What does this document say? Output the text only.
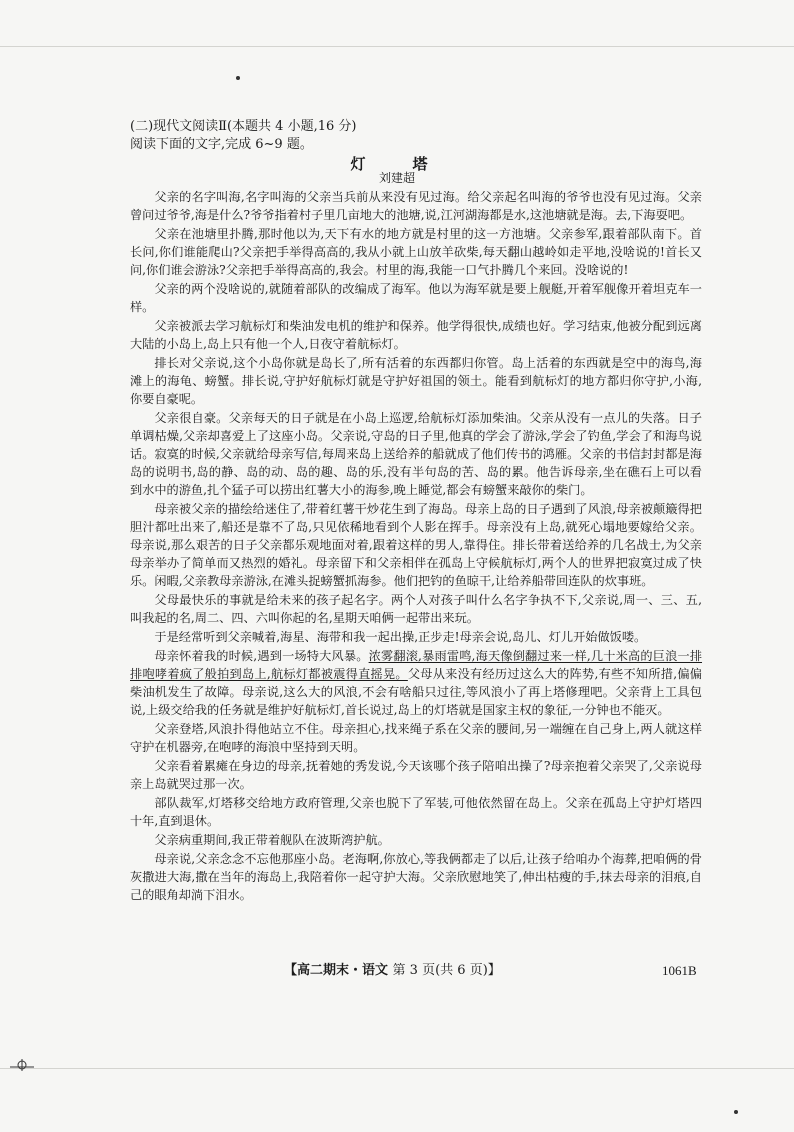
(二)现代文阅读Ⅱ(本题共 4 小题,16 分)
阅读下面的文字,完成 6~9 题。
灯　塔
刘建超

父亲的名字叫海,名字叫海的父亲当兵前从来没有见过海。给父亲起名叫海的爷爷也没有见过海。父亲曾问过爷爷,海是什么?爷爷指着村子里几亩地大的池塘,说,江河湖海都是水,这池塘就是海。去,下海耍吧。

父亲在池塘里扑腾,那时他以为,天下有水的地方就是村里的这一方池塘。父亲参军,跟着部队南下。首长问,你们谁能爬山?父亲把手举得高高的,我从小就上山放羊砍柴,每天翻山越岭如走平地,没啥说的!首长又问,你们谁会游泳?父亲把手举得高高的,我会。村里的海,我能一口气扑腾几个来回。没啥说的!

父亲的两个没啥说的,就随着部队的改编成了海军。他以为海军就是要上舰艇,开着军舰像开着坦克车一样。

父亲被派去学习航标灯和柴油发电机的维护和保养。他学得很快,成绩也好。学习结束,他被分配到远离大陆的小岛上,岛上只有他一个人,日夜守着航标灯。

排长对父亲说,这个小岛你就是岛长了,所有活着的东西都归你管。岛上活着的东西就是空中的海鸟,海滩上的海龟、螃蟹。排长说,守护好航标灯就是守护好祖国的领土。能看到航标灯的地方都归你守护,小海,你要自豪呢。

父亲很自豪。父亲每天的日子就是在小岛上巡逻,给航标灯添加柴油。父亲从没有一点儿的失落。日子单调枯燥,父亲却喜爱上了这座小岛。父亲说,守岛的日子里,他真的学会了游泳,学会了钓鱼,学会了和海鸟说话。寂寞的时候,父亲就给母亲写信,每周来岛上送给养的船就成了他们传书的鸿雁。父亲的书信封封都是海岛的说明书,岛的静、岛的动、岛的趣、岛的乐,没有半句岛的苦、岛的累。他告诉母亲,坐在礁石上可以看到水中的游鱼,扎个猛子可以捞出红薯大小的海参,晚上睡觉,都会有螃蟹来敲你的柴门。

母亲被父亲的描绘给迷住了,带着红薯干炒花生到了海岛。母亲上岛的日子遇到了风浪,母亲被颠簸得把胆汁都吐出来了,船还是靠不了岛,只见依稀地看到个人影在挥手。母亲没有上岛,就死心塌地要嫁给父亲。母亲说,那么艰苦的日子父亲都乐观地面对着,跟着这样的男人,靠得住。排长带着送给养的几名战士,为父亲母亲举办了简单而又热烈的婚礼。母亲留下和父亲相伴在孤岛上守候航标灯,两个人的世界把寂寞过成了快乐。闲暇,父亲教母亲游泳,在滩头捉螃蟹抓海参。他们把钓的鱼晾干,让给养船带回连队的炊事班。

父母最快乐的事就是给未来的孩子起名字。两个人对孩子叫什么名字争执不下,父亲说,周一、三、五,叫我起的名,周二、四、六叫你起的名,星期天咱俩一起带出来玩。

于是经常听到父亲喊着,海星、海带和我一起出操,正步走!母亲会说,岛儿、灯儿开始做饭喽。

母亲怀着我的时候,遇到一场特大风暴。浓雾翻滚,暴雨雷鸣,海天像倒翻过来一样,几十米高的巨浪一排排咆哮着疯了般拍到岛上,航标灯都被震得直摇晃。父母从来没有经历过这么大的阵势,有些不知所措,偏偏柴油机发生了故障。母亲说,这么大的风浪,不会有啥船只过往,等风浪小了再上塔修理吧。父亲背上工具包说,上级交给我的任务就是维护好航标灯,首长说过,岛上的灯塔就是国家主权的象征,一分钟也不能灭。

父亲登塔,风浪扑得他站立不住。母亲担心,找来绳子系在父亲的腰间,另一端缠在自己身上,两人就这样守护在机器旁,在咆哮的海浪中坚持到天明。

父亲看着累瘫在身边的母亲,抚着她的秀发说,今天该哪个孩子陪咱出操了?母亲抱着父亲哭了,父亲说母亲上岛就哭过那一次。

部队裁军,灯塔移交给地方政府管理,父亲也脱下了军装,可他依然留在岛上。父亲在孤岛上守护灯塔四十年,直到退休。

父亲病重期间,我正带着舰队在波斯湾护航。

母亲说,父亲念念不忘他那座小岛。老海啊,你放心,等我俩都走了以后,让孩子给咱办个海葬,把咱俩的骨灰撒进大海,撒在当年的海岛上,我陪着你一起守护大海。父亲欣慰地笑了,伸出枯瘦的手,抹去母亲的泪痕,自己的眼角却淌下泪水。

【高二期末・语文 第 3 页(共 6 页)】	1061B
